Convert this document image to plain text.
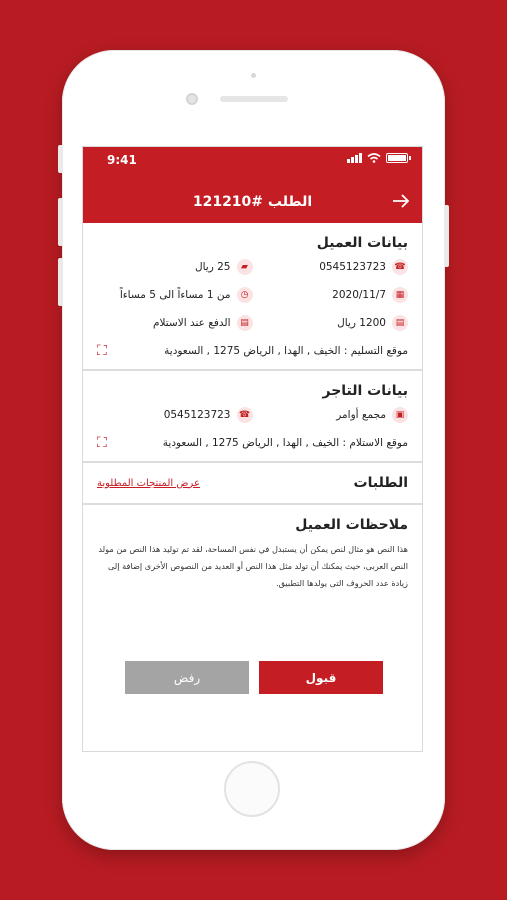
9:41
الطلب #121210
بيانات العميل
☎
0545123723
▰
25 ريال
▦
2020/11/7
◷
من 1 مساءاً الى 5 مساءاً
▤
1200 ريال
▤
الدفع عند الاستلام
موقع التسليم : الخيف , الهدا , الرياض 1275 , السعودية
⛶
بيانات التاجر
▣
مجمع أوامر
☎
0545123723
موقع الاستلام : الخيف , الهدا , الرياض 1275 , السعودية
⛶
الطلبات
عرض المنتجات المطلوبة
ملاحظات العميل

هذا النص هو مثال لنص يمكن أن يستبدل في نفس المساحة، لقد تم توليد هذا النص من مولد النص العربى، حيث يمكنك أن تولد مثل هذا النص أو العديد من النصوص الأخرى إضافة إلى زيادة عدد الحروف التى يولدها التطبيق.

رفض	قبول
